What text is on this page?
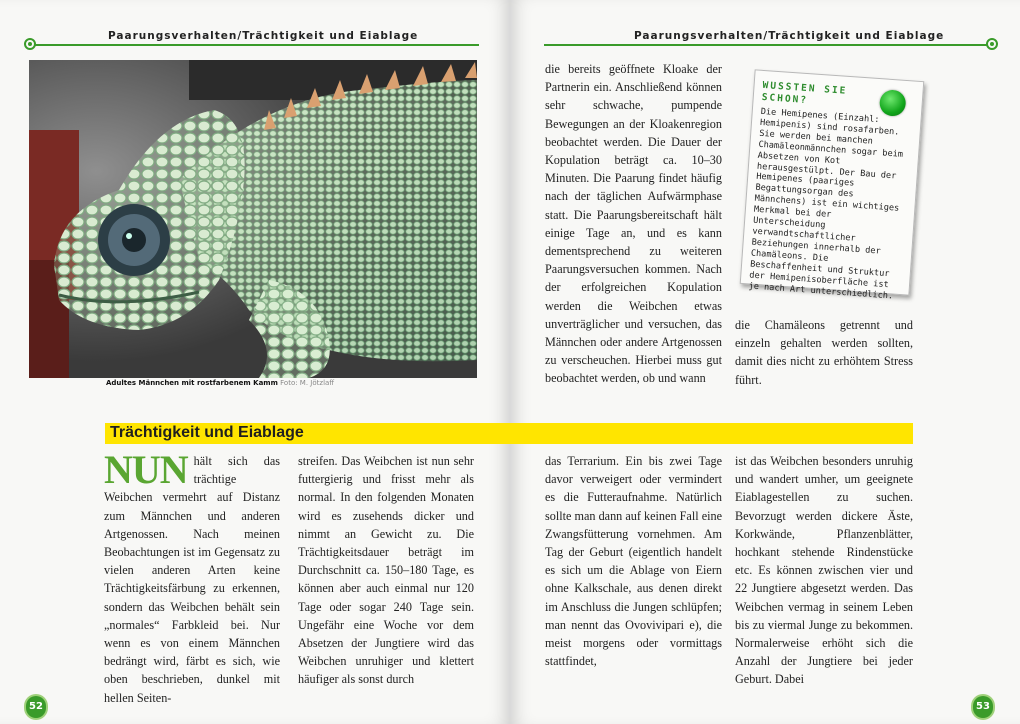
Paarungsverhalten/Trächtigkeit und Eiablage
Adultes Männchen mit rostfarbenem Kamm Foto: M. Jötzlaff
Trächtigkeit und Eiablage
NUN hält sich das trächtige Weibchen vermehrt auf Distanz zum Männchen und anderen Artgenossen. Nach meinen Beobachtungen ist im Gegensatz zu vielen anderen Arten keine Trächtigkeitsfärbung zu erkennen, sondern das Weibchen behält sein „normales“ Farbkleid bei. Nur wenn es von einem Männchen bedrängt wird, färbt es sich, wie oben beschrieben, dunkel mit hellen Seiten-
streifen. Das Weibchen ist nun sehr futtergierig und frisst mehr als normal. In den folgenden Monaten wird es zusehends dicker und nimmt an Gewicht zu. Die Trächtigkeitsdauer beträgt im Durchschnitt ca. 150–180 Tage, es können aber auch einmal nur 120 Tage oder sogar 240 Tage sein. Ungefähr eine Woche vor dem Absetzen der Jungtiere wird das Weibchen unruhiger und klettert häufiger als sonst durch
52
Paarungsverhalten/Trächtigkeit und Eiablage
die bereits geöffnete Kloake der Partnerin ein. Anschließend können sehr schwache, pumpende Bewegungen an der Kloakenregion beobachtet werden. Die Dauer der Kopulation beträgt ca. 10–30 Minuten. Die Paarung findet häufig nach der täglichen Aufwärmphase statt. Die Paarungsbereitschaft hält einige Tage an, und es kann dementsprechend zu weiteren Paarungsversuchen kommen. Nach der erfolgreichen Kopulation werden die Weibchen etwas unverträglicher und versuchen, das Männchen oder andere Artgenossen zu verscheuchen. Hierbei muss gut beobachtet werden, ob und wann
die Chamäleons getrennt und einzeln gehalten werden sollten, damit dies nicht zu erhöhtem Stress führt.
das Terrarium. Ein bis zwei Tage davor verweigert oder vermindert es die Futteraufnahme. Natürlich sollte man dann auf keinen Fall eine Zwangsfütterung vornehmen. Am Tag der Geburt (eigentlich handelt es sich um die Ablage von Eiern ohne Kalkschale, aus denen direkt im Anschluss die Jungen schlüpfen; man nennt das Ovovivipari e), die meist morgens oder vormittags stattfindet,
ist das Weibchen besonders unruhig und wandert umher, um geeignete Eiablagestellen zu suchen. Bevorzugt werden dickere Äste, Korkwände, Pflanzenblätter, hochkant stehende Rindenstücke etc. Es können zwischen vier und 22 Jungtiere abgesetzt werden. Das Weibchen vermag in seinem Leben bis zu viermal Junge zu bekommen. Normalerweise erhöht sich die Anzahl der Jungtiere bei jeder Geburt. Dabei
53
WUSSTEN SIE SCHON?
Die Hemipenes (Einzahl: Hemipenis) sind rosafarben. Sie werden bei manchen Chamäleonmännchen sogar beim Absetzen von Kot herausgestülpt. Der Bau der Hemipenes (paariges Begattungsorgan des Männchens) ist ein wichtiges Merkmal bei der Unterscheidung verwandtschaftlicher Beziehungen innerhalb der Chamäleons. Die Beschaffenheit und Struktur der Hemipenisoberfläche ist je nach Art unterschiedlich.
